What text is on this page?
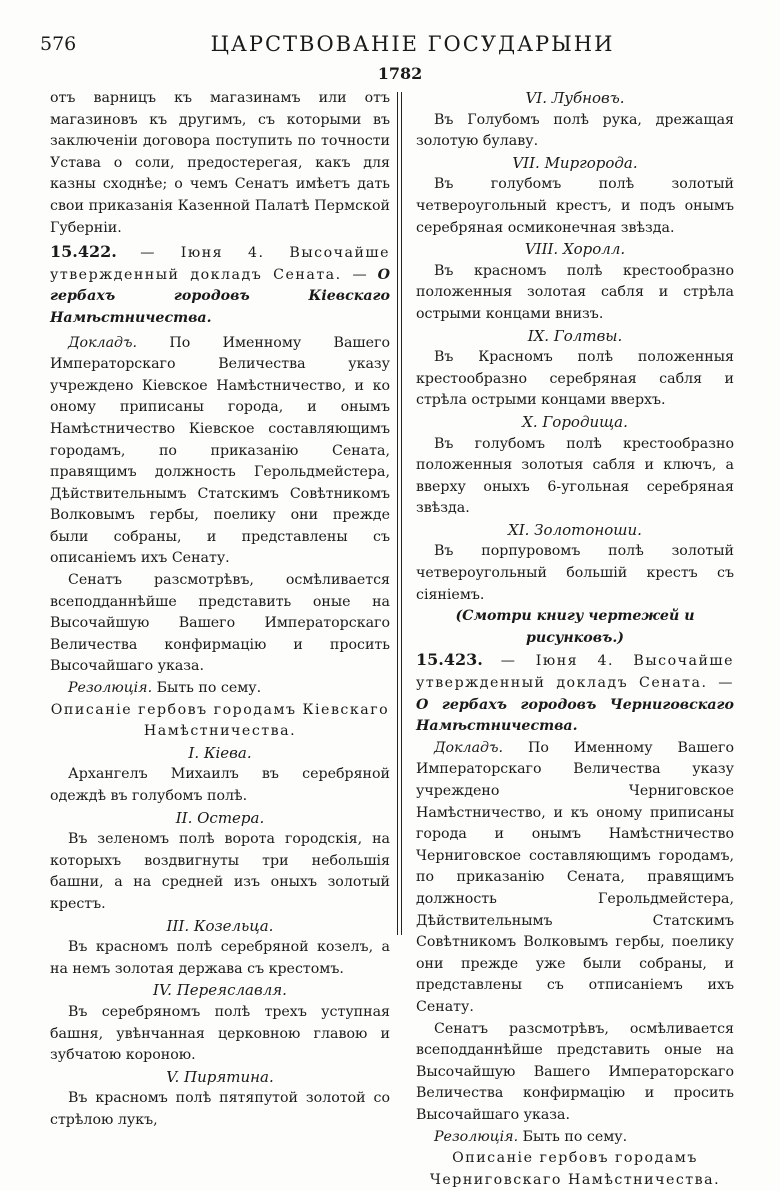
576	ЦАРСТВОВАНІЕ ГОСУДАРЫНИ
1782

отъ варницъ къ магазинамъ или отъ магазиновъ къ другимъ, съ которыми въ заключеніи договора поступить по точности Устава о соли, предостерегая, какъ для казны сходнѣе; о чемъ Сенатъ имѣетъ дать свои приказанія Казенной Палатѣ Пермской Губерніи.

15.422. — Іюня 4. Высочайше утвержденный докладъ Сената. — О гербахъ городовъ Кіевскаго Намѣстничества.

Докладъ. По Именному Вашего Императорскаго Величества указу учреждено Кіевское Намѣстничество, и ко оному приписаны города, и онымъ Намѣстничество Кіевское составляющимъ городамъ, по приказанію Сената, правящимъ должность Герольдмейстера, Дѣйствительнымъ Статскимъ Совѣтникомъ Волковымъ гербы, поелику они прежде были собраны, и представлены съ описаніемъ ихъ Сенату.

Сенатъ разсмотрѣвъ, осмѣливается всеподданнѣйше представить оные на Высочайшую Вашего Императорскаго Величества конфирмацію и просить Высочайшаго указа.

Резолюція. Быть по сему.

Описаніе гербовъ городамъ Кіевскаго Намѣстничества.

I. Кіева.

Архангелъ Михаилъ въ серебряной одеждѣ въ голубомъ полѣ.

II. Остера.

Въ зеленомъ полѣ ворота городскія, на которыхъ воздвигнуты три небольшія башни, а на средней изъ оныхъ золотый крестъ.

III. Козельца.

Въ красномъ полѣ серебряной козелъ, а на немъ золотая держава съ крестомъ.

IV. Переяславля.

Въ серебряномъ полѣ трехъ уступная башня, увѣнчанная церковною главою и зубчатою короною.

V. Пирятина.

Въ красномъ полѣ пятяпутой золотой со стрѣлою лукъ,

VI. Лубновъ.

Въ Голубомъ полѣ рука, дрежащая золотую булаву.

VII. Миргорода.

Въ голубомъ полѣ золотый четвероугольный крестъ, и подъ онымъ серебряная осмиконечная звѣзда.

VIII. Хоролл.

Въ красномъ полѣ крестообразно положенныя золотая сабля и стрѣла острыми концами внизъ.

IX. Голтвы.

Въ Красномъ полѣ положенныя крестообразно серебряная сабля и стрѣла острыми концами вверхъ.

X. Городища.

Въ голубомъ полѣ крестообразно положенныя золотыя сабля и ключъ, а вверху оныхъ 6-угольная серебряная звѣзда.

XI. Золотоноши.

Въ порпуровомъ полѣ золотый четвероугольный большій крестъ съ сіяніемъ.

(Смотри книгу чертежей и рисунковъ.)

15.423. — Іюня 4. Высочайше утвержденный докладъ Сената. — О гербахъ городовъ Черниговскаго Намѣстничества.

Докладъ. По Именному Вашего Императорскаго Величества указу учреждено Черниговское Намѣстничество, и къ оному приписаны города и онымъ Намѣстничество Черниговское составляющимъ городамъ, по приказанію Сената, правящимъ должность Герольдмейстера, Дѣйствительнымъ Статскимъ Совѣтникомъ Волковымъ гербы, поелику они прежде уже были собраны, и представлены съ отписаніемъ ихъ Сенату.

Сенатъ разсмотрѣвъ, осмѣливается всеподданнѣйше представить оные на Высочайшую Вашего Императорскаго Величества конфирмацію и просить Высочайшаго указа.

Резолюція. Быть по сему.

Описаніе гербовъ городамъ Черниговскаго Намѣстничества.
